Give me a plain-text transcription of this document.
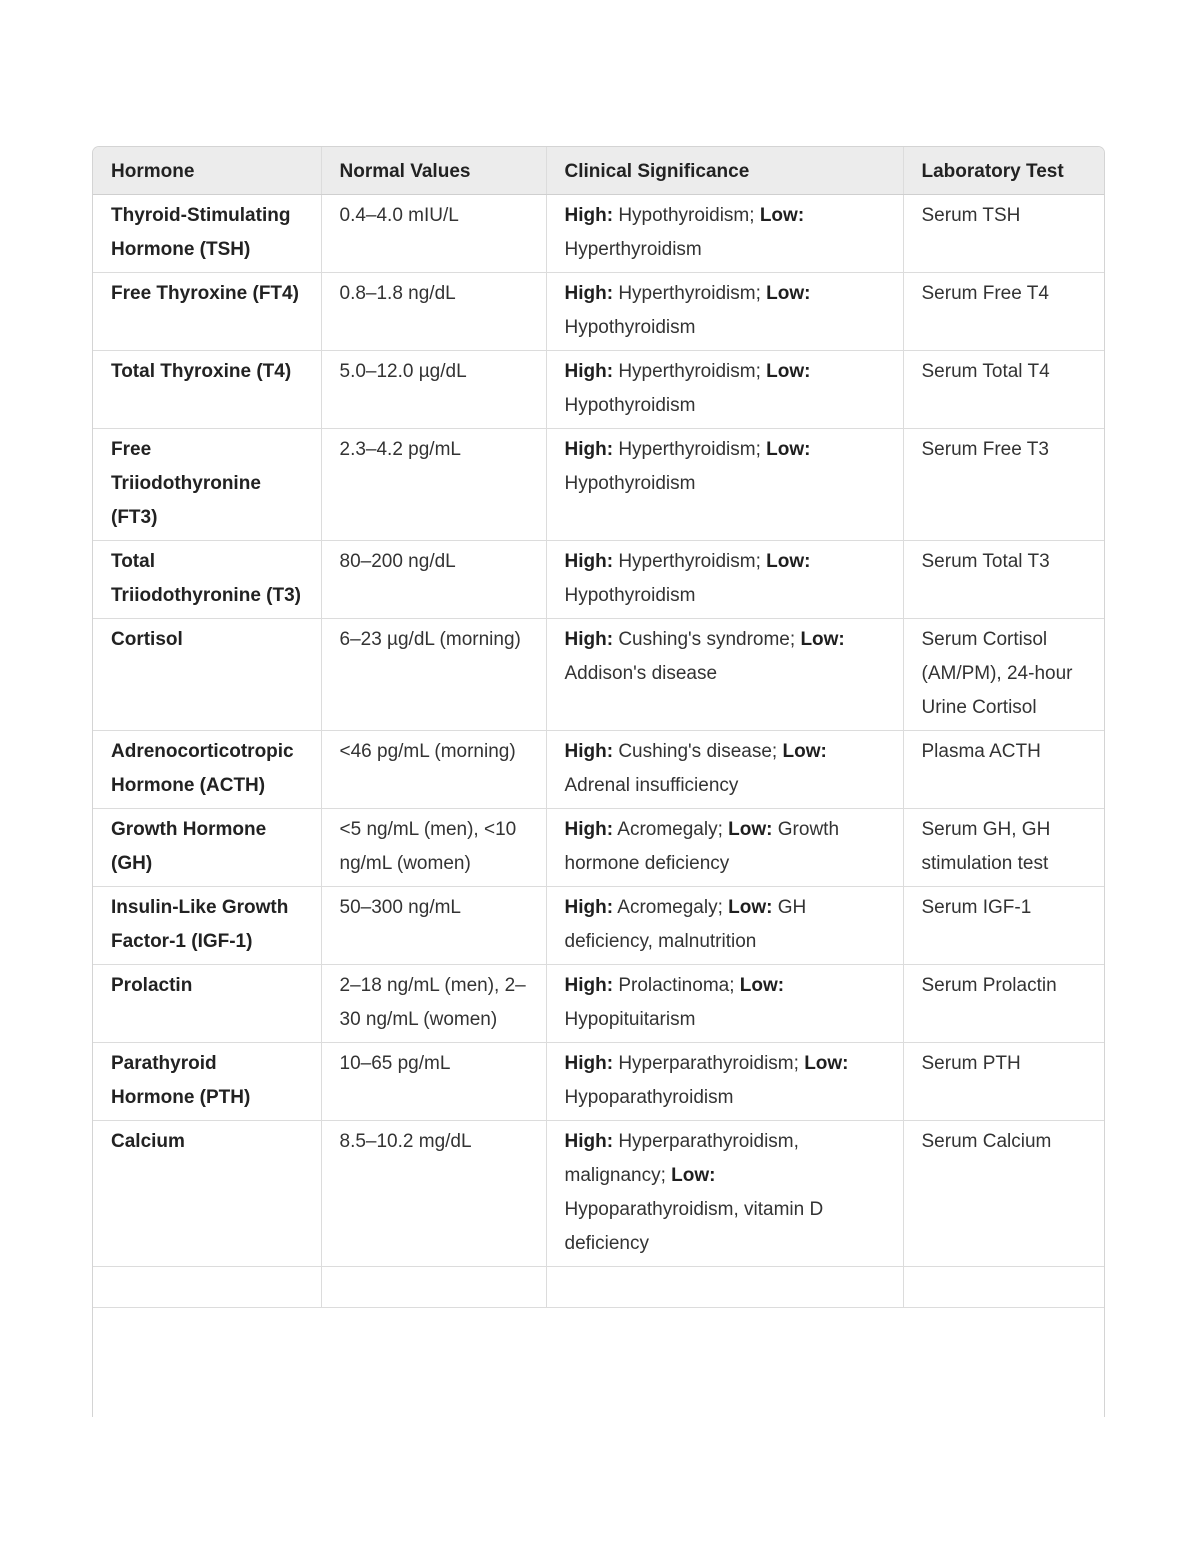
Hormone	Normal Values	Clinical Significance	Laboratory Test
Thyroid-Stimulating Hormone (TSH)	0.4–4.0 mIU/L	High: Hypothyroidism; Low: Hyperthyroidism	Serum TSH
Free Thyroxine (FT4)	0.8–1.8 ng/dL	High: Hyperthyroidism; Low: Hypothyroidism	Serum Free T4
Total Thyroxine (T4)	5.0–12.0 µg/dL	High: Hyperthyroidism; Low: Hypothyroidism	Serum Total T4
Free Triiodothyronine (FT3)	2.3–4.2 pg/mL	High: Hyperthyroidism; Low: Hypothyroidism	Serum Free T3
Total Triiodothyronine (T3)	80–200 ng/dL	High: Hyperthyroidism; Low: Hypothyroidism	Serum Total T3
Cortisol	6–23 µg/dL (morning)	High: Cushing's syndrome; Low: Addison's disease	Serum Cortisol (AM/PM), 24-hour Urine Cortisol
Adrenocorticotropic Hormone (ACTH)	<46 pg/mL (morning)	High: Cushing's disease; Low: Adrenal insufficiency	Plasma ACTH
Growth Hormone (GH)	<5 ng/mL (men), <10 ng/mL (women)	High: Acromegaly; Low: Growth hormone deficiency	Serum GH, GH stimulation test
Insulin-Like Growth Factor-1 (IGF-1)	50–300 ng/mL	High: Acromegaly; Low: GH deficiency, malnutrition	Serum IGF-1
Prolactin	2–18 ng/mL (men), 2–30 ng/mL (women)	High: Prolactinoma; Low: Hypopituitarism	Serum Prolactin
Parathyroid Hormone (PTH)	10–65 pg/mL	High: Hyperparathyroidism; Low: Hypoparathyroidism	Serum PTH
Calcium	8.5–10.2 mg/dL	High: Hyperparathyroidism, malignancy; Low: Hypoparathyroidism, vitamin D deficiency	Serum Calcium
